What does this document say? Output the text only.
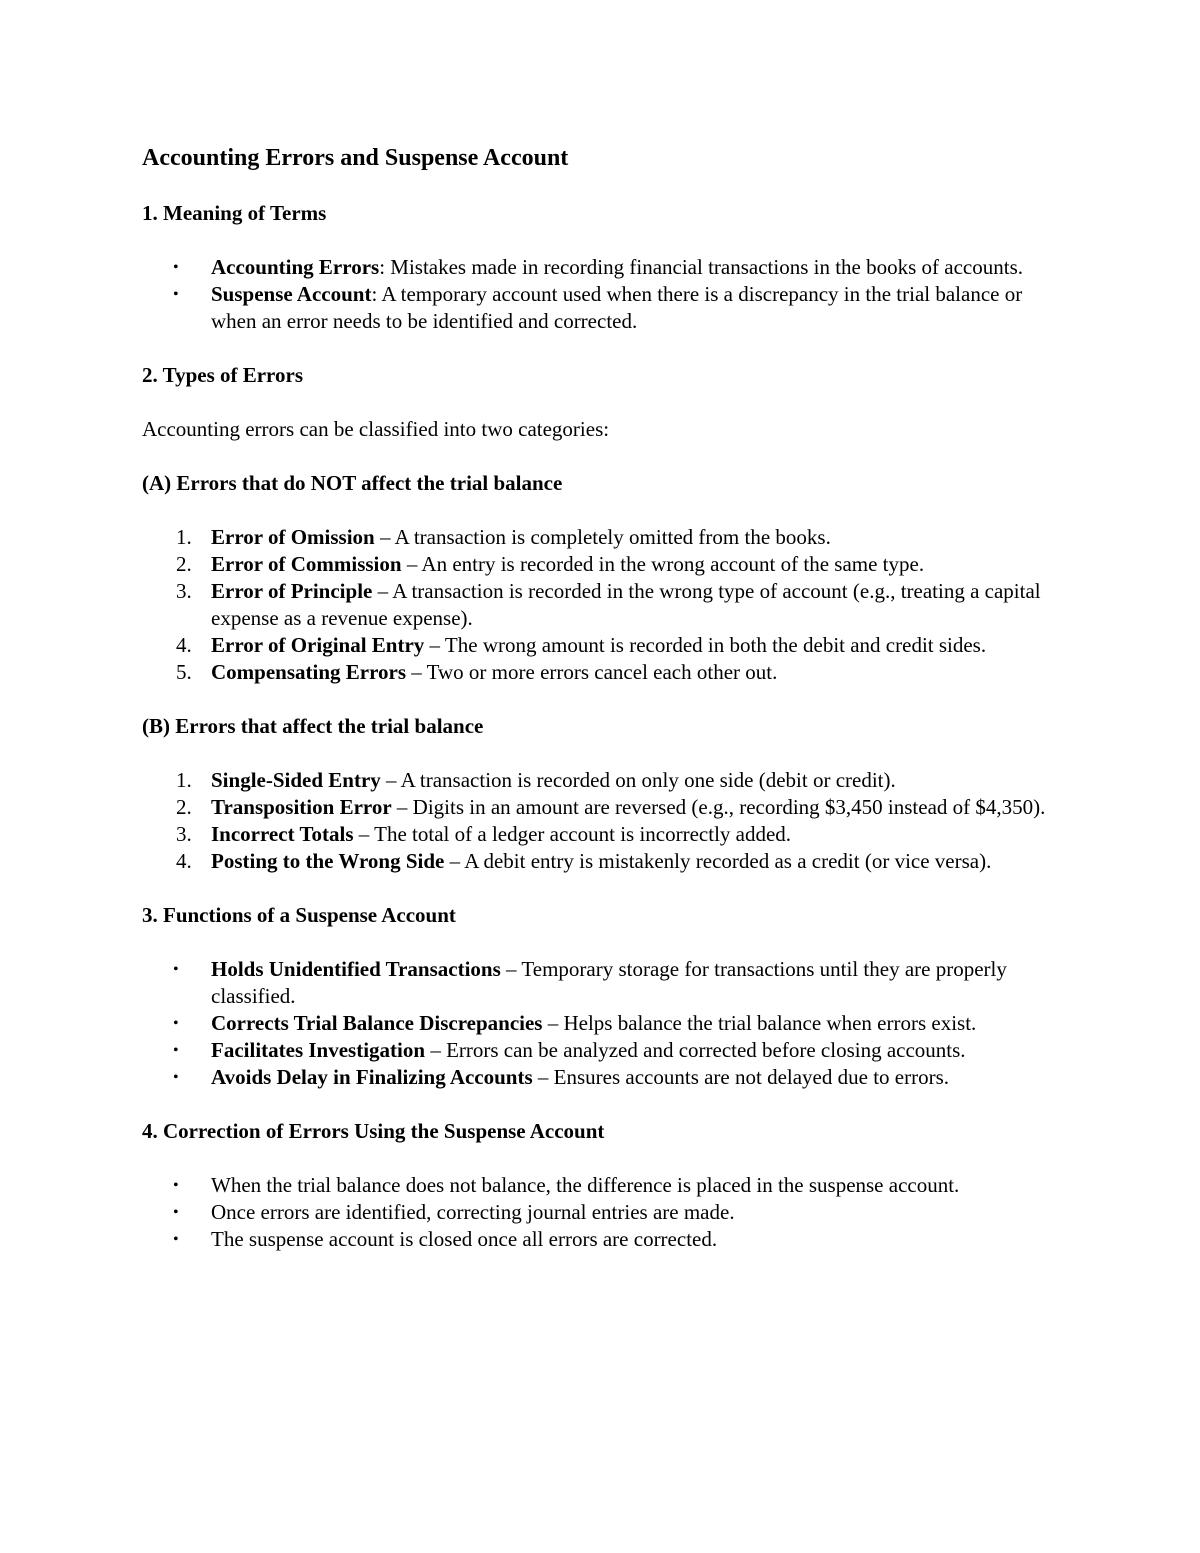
Accounting Errors and Suspense Account
1. Meaning of Terms
• Accounting Errors: Mistakes made in recording financial transactions in the books of accounts.
• Suspense Account: A temporary account used when there is a discrepancy in the trial balance or when an error needs to be identified and corrected.
2. Types of Errors
Accounting errors can be classified into two categories:
(A) Errors that do NOT affect the trial balance
1. Error of Omission – A transaction is completely omitted from the books.
2. Error of Commission – An entry is recorded in the wrong account of the same type.
3. Error of Principle – A transaction is recorded in the wrong type of account (e.g., treating a capital expense as a revenue expense).
4. Error of Original Entry – The wrong amount is recorded in both the debit and credit sides.
5. Compensating Errors – Two or more errors cancel each other out.
(B) Errors that affect the trial balance
1. Single-Sided Entry – A transaction is recorded on only one side (debit or credit).
2. Transposition Error – Digits in an amount are reversed (e.g., recording $3,450 instead of $4,350).
3. Incorrect Totals – The total of a ledger account is incorrectly added.
4. Posting to the Wrong Side – A debit entry is mistakenly recorded as a credit (or vice versa).
3. Functions of a Suspense Account
• Holds Unidentified Transactions – Temporary storage for transactions until they are properly classified.
• Corrects Trial Balance Discrepancies – Helps balance the trial balance when errors exist.
• Facilitates Investigation – Errors can be analyzed and corrected before closing accounts.
• Avoids Delay in Finalizing Accounts – Ensures accounts are not delayed due to errors.
4. Correction of Errors Using the Suspense Account
• When the trial balance does not balance, the difference is placed in the suspense account.
• Once errors are identified, correcting journal entries are made.
• The suspense account is closed once all errors are corrected.
